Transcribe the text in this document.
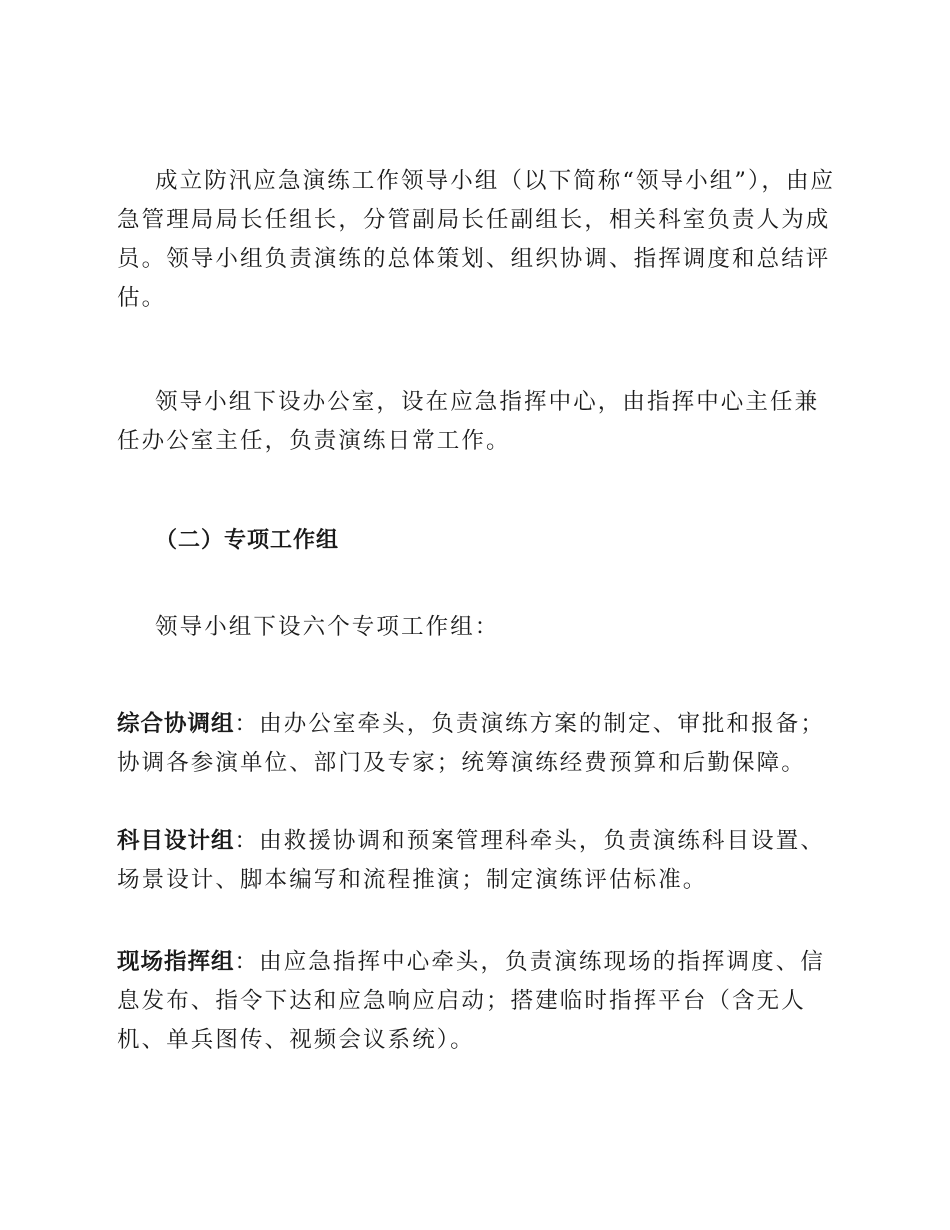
成立防汛应急演练工作领导小组（以下简称“领导小组”），由应急管理局局长任组长，分管副局长任副组长，相关科室负责人为成员。领导小组负责演练的总体策划、组织协调、指挥调度和总结评估。

领导小组下设办公室，设在应急指挥中心，由指挥中心主任兼任办公室主任，负责演练日常工作。

（二）专项工作组

领导小组下设六个专项工作组：

综合协调组：由办公室牵头，负责演练方案的制定、审批和报备；协调各参演单位、部门及专家；统筹演练经费预算和后勤保障。

科目设计组：由救援协调和预案管理科牵头，负责演练科目设置、场景设计、脚本编写和流程推演；制定演练评估标准。

现场指挥组：由应急指挥中心牵头，负责演练现场的指挥调度、信息发布、指令下达和应急响应启动；搭建临时指挥平台（含无人机、单兵图传、视频会议系统）。
